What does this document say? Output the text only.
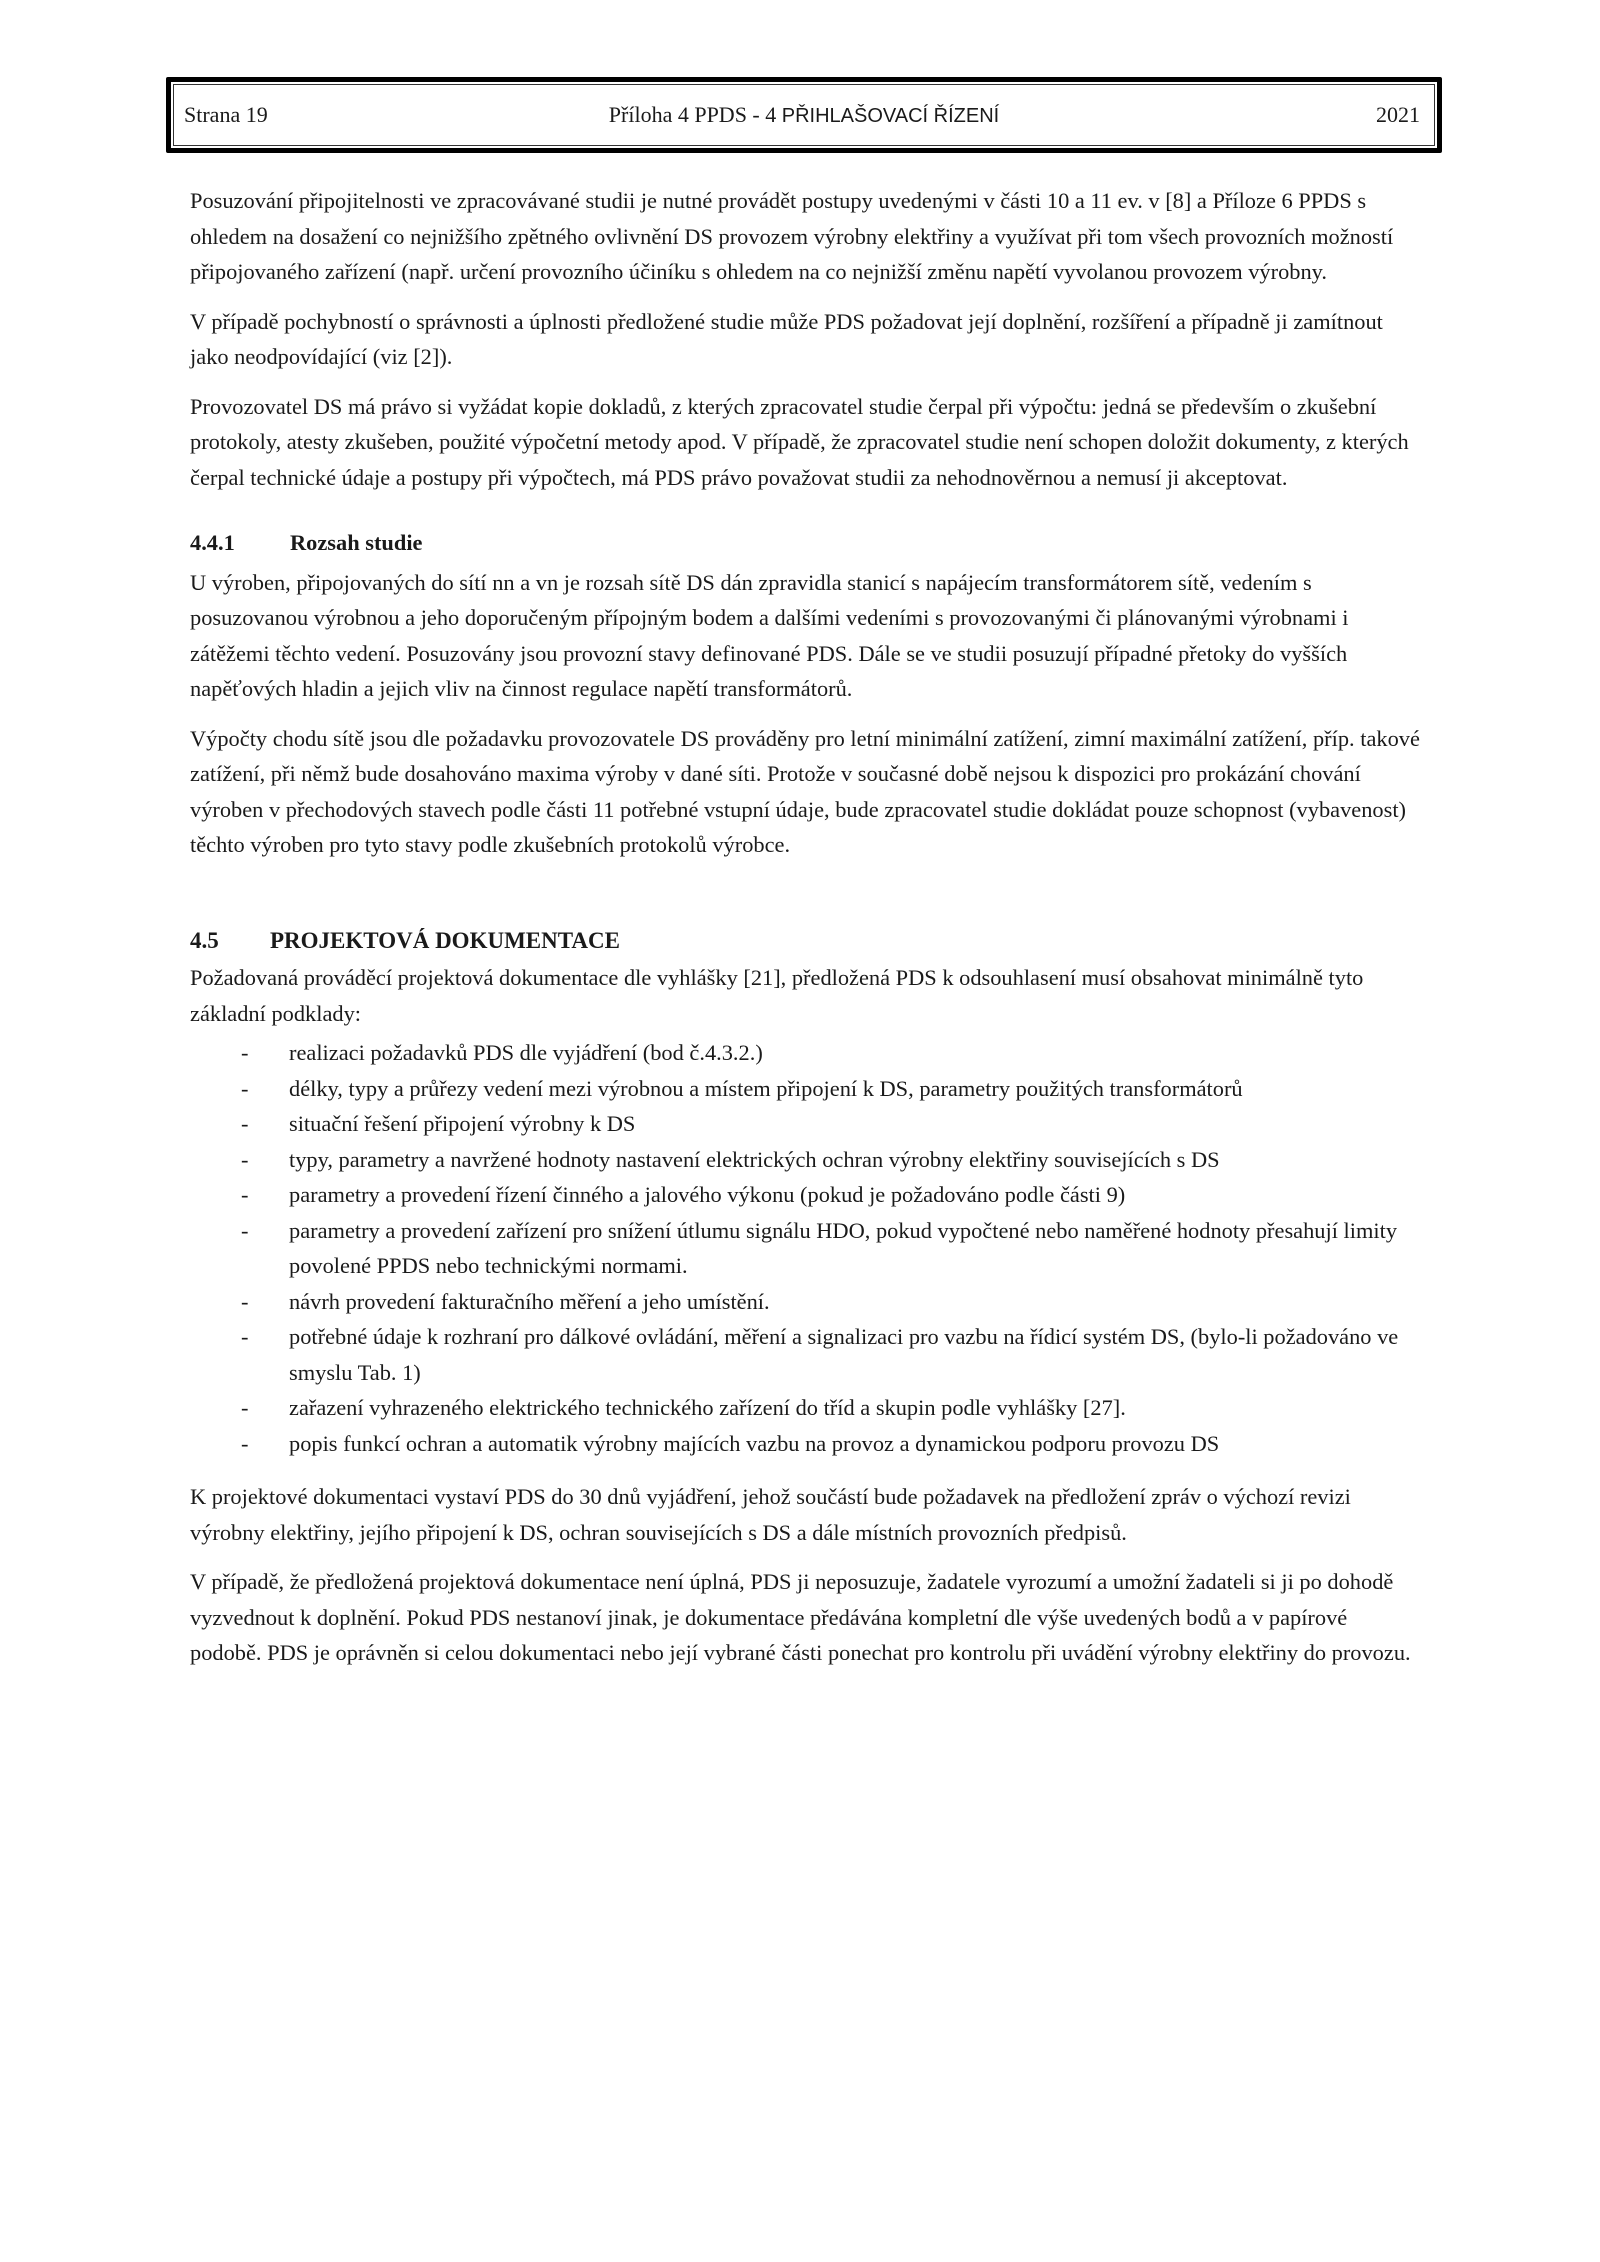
Strana 19	Příloha 4 PPDS - 4 PŘIHLAŠOVACÍ ŘÍZENÍ	2021

Posuzování připojitelnosti ve zpracovávané studii je nutné provádět postupy uvedenými v části 10 a 11 ev. v [8] a Příloze 6 PPDS s ohledem na dosažení co nejnižšího zpětného ovlivnění DS provozem výrobny elektřiny a využívat při tom všech provozních možností připojovaného zařízení (např. určení provozního účiníku s ohledem na co nejnižší změnu napětí vyvolanou provozem výrobny.

V případě pochybností o správnosti a úplnosti předložené studie může PDS požadovat její doplnění, rozšíření a případně ji zamítnout jako neodpovídající (viz [2]).

Provozovatel DS má právo si vyžádat kopie dokladů, z kterých zpracovatel studie čerpal při výpočtu: jedná se především o zkušební protokoly, atesty zkušeben, použité výpočetní metody apod. V případě, že zpracovatel studie není schopen doložit dokumenty, z kterých čerpal technické údaje a postupy při výpočtech, má PDS právo považovat studii za nehodnověrnou a nemusí ji akceptovat.

4.4.1	Rozsah studie

U výroben, připojovaných do sítí nn a vn je rozsah sítě DS dán zpravidla stanicí s napájecím transformátorem sítě, vedením s posuzovanou výrobnou a jeho doporučeným přípojným bodem a dalšími vedeními s provozovanými či plánovanými výrobnami i zátěžemi těchto vedení. Posuzovány jsou provozní stavy definované PDS. Dále se ve studii posuzují případné přetoky do vyšších napěťových hladin a jejich vliv na činnost regulace napětí transformátorů.

Výpočty chodu sítě jsou dle požadavku provozovatele DS prováděny pro letní minimální zatížení, zimní maximální zatížení, příp. takové zatížení, při němž bude dosahováno maxima výroby v dané síti. Protože v současné době nejsou k dispozici pro prokázání chování výroben v přechodových stavech podle části 11 potřebné vstupní údaje, bude zpracovatel studie dokládat pouze schopnost (vybavenost) těchto výroben pro tyto stavy podle zkušebních protokolů výrobce.

4.5	PROJEKTOVÁ DOKUMENTACE

Požadovaná prováděcí projektová dokumentace dle vyhlášky [21], předložená PDS k odsouhlasení musí obsahovat minimálně tyto základní podklady:

- realizaci požadavků PDS dle vyjádření (bod č.4.3.2.)
- délky, typy a průřezy vedení mezi výrobnou a místem připojení k DS, parametry použitých transformátorů
- situační řešení připojení výrobny k DS
- typy, parametry a navržené hodnoty nastavení elektrických ochran výrobny elektřiny souvisejících s DS
- parametry a provedení řízení činného a jalového výkonu (pokud je požadováno podle části 9)
- parametry a provedení zařízení pro snížení útlumu signálu HDO, pokud vypočtené nebo naměřené hodnoty přesahují limity povolené PPDS nebo technickými normami.
- návrh provedení fakturačního měření a jeho umístění.
- potřebné údaje k rozhraní pro dálkové ovládání, měření a signalizaci pro vazbu na řídicí systém DS, (bylo-li požadováno ve smyslu Tab. 1)
- zařazení vyhrazeného elektrického technického zařízení do tříd a skupin podle vyhlášky [27].
- popis funkcí ochran a automatik výrobny majících vazbu na provoz a dynamickou podporu provozu DS

K projektové dokumentaci vystaví PDS do 30 dnů vyjádření, jehož součástí bude požadavek na předložení zpráv o výchozí revizi výrobny elektřiny, jejího připojení k DS, ochran souvisejících s DS a dále místních provozních předpisů.

V případě, že předložená projektová dokumentace není úplná, PDS ji neposuzuje, žadatele vyrozumí a umožní žadateli si ji po dohodě vyzvednout k doplnění. Pokud PDS nestanoví jinak, je dokumentace předávána kompletní dle výše uvedených bodů a v papírové podobě. PDS je oprávněn si celou dokumentaci nebo její vybrané části ponechat pro kontrolu při uvádění výrobny elektřiny do provozu.
